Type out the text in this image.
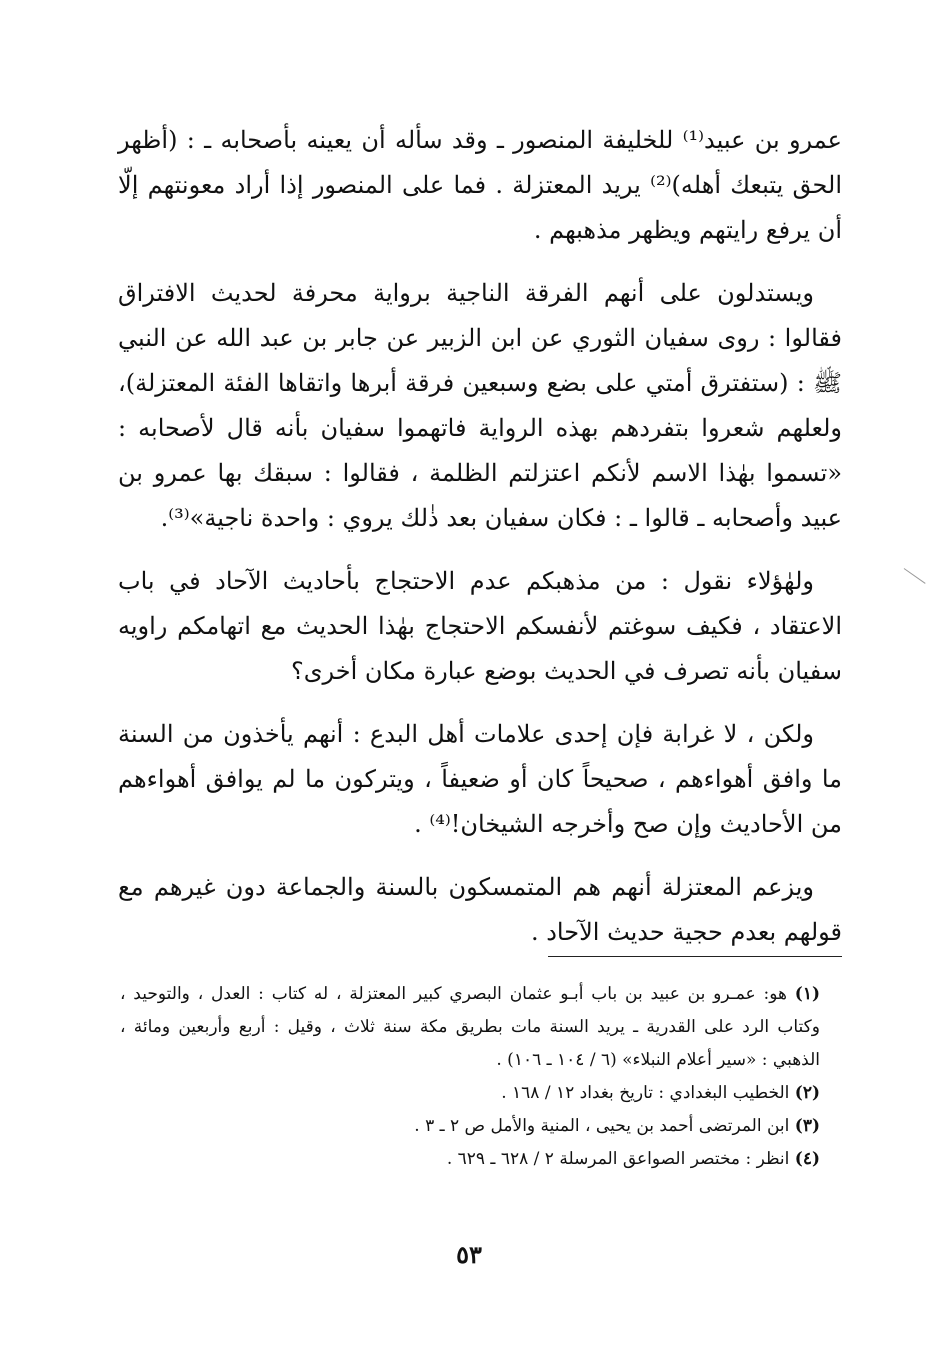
عمرو بن عبيد⁽¹⁾ للخليفة المنصور ـ وقد سأله أن يعينه بأصحابه ـ : (أظهر الحق يتبعك أهله)⁽²⁾ يريد المعتزلة . فما على المنصور إذا أراد معونتهم إلّا أن يرفع رايتهم ويظهر مذهبهم .

ويستدلون على أنهم الفرقة الناجية برواية محرفة لحديث الافتراق فقالوا : روى سفيان الثوري عن ابن الزبير عن جابر بن عبد الله عن النبي ﷺ : (ستفترق أمتي على بضع وسبعين فرقة أبرها واتقاها الفئة المعتزلة)، ولعلهم شعروا بتفردهم بهذه الرواية فاتهموا سفيان بأنه قال لأصحابه : «تسموا بهٰذا الاسم لأنكم اعتزلتم الظلمة ، فقالوا : سبقك بها عمرو بن عبيد وأصحابه ـ قالوا ـ : فكان سفيان بعد ذٰلك يروي : واحدة ناجية»⁽³⁾.

ولهٰؤلاء نقول : من مذهبكم عدم الاحتجاج بأحاديث الآحاد في باب الاعتقاد ، فكيف سوغتم لأنفسكم الاحتجاج بهٰذا الحديث مع اتهامكم راويه سفيان بأنه تصرف في الحديث بوضع عبارة مكان أخرى؟

ولكن ، لا غرابة فإن إحدى علامات أهل البدع : أنهم يأخذون من السنة ما وافق أهواءهم ، صحيحاً كان أو ضعيفاً ، ويتركون ما لم يوافق أهواءهم من الأحاديث وإن صح وأخرجه الشيخان!⁽⁴⁾ .

ويزعم المعتزلة أنهم هم المتمسكون بالسنة والجماعة دون غيرهم مع قولهم بعدم حجية حديث الآحاد .

(١) هو: عمـرو بن عبيد بن باب أبـو عثمان البصري كبير المعتزلة ، له كتاب : العدل ، والتوحيد ، وكتاب الرد على القدرية ـ يريد السنة مات بطريق مكة سنة ثلاث ، وقيل : أربع وأربعين ومائة ، الذهبي : «سير أعلام النبلاء» (٦ / ١٠٤ ـ ١٠٦) .

(٢) الخطيب البغدادي : تاريخ بغداد ١٢ / ١٦٨ .

(٣) ابن المرتضى أحمد بن يحيى ، المنية والأمل ص ٢ ـ ٣ .

(٤) انظر : مختصر الصواعق المرسلة ٢ / ٦٢٨ ـ ٦٢٩ .

٥٣
